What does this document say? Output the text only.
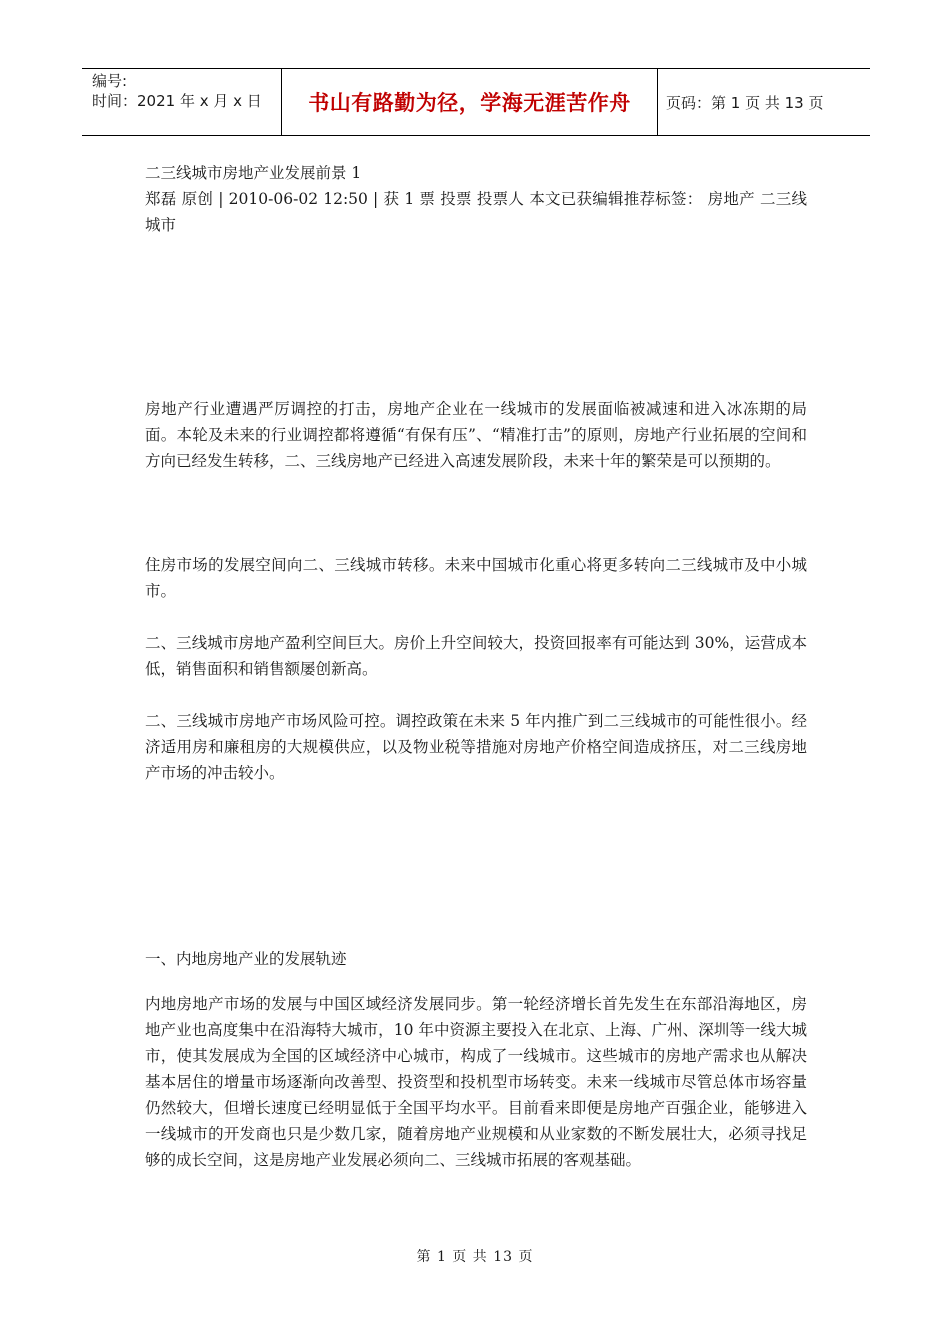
编号:
时间：2021 年 x 月 x 日	书山有路勤为径，学海无涯苦作舟 页码：第 1 页 共 13 页

二三线城市房地产业发展前景 1

郑磊 原创 | 2010-06-02 12:50 | 获 1 票 投票 投票人 本文已获编辑推荐标签： 房地产 二三线城市

房地产行业遭遇严厉调控的打击，房地产企业在一线城市的发展面临被减速和进入冰冻期的局面。本轮及未来的行业调控都将遵循“有保有压”、“精准打击”的原则，房地产行业拓展的空间和方向已经发生转移，二、三线房地产已经进入高速发展阶段，未来十年的繁荣是可以预期的。

住房市场的发展空间向二、三线城市转移。未来中国城市化重心将更多转向二三线城市及中小城市。

二、三线城市房地产盈利空间巨大。房价上升空间较大，投资回报率有可能达到 30%，运营成本低，销售面积和销售额屡创新高。

二、三线城市房地产市场风险可控。调控政策在未来 5 年内推广到二三线城市的可能性很小。经济适用房和廉租房的大规模供应，以及物业税等措施对房地产价格空间造成挤压，对二三线房地产市场的冲击较小。

一、内地房地产业的发展轨迹

内地房地产市场的发展与中国区域经济发展同步。第一轮经济增长首先发生在东部沿海地区，房地产业也高度集中在沿海特大城市，10 年中资源主要投入在北京、上海、广州、深圳等一线大城市，使其发展成为全国的区域经济中心城市，构成了一线城市。这些城市的房地产需求也从解决基本居住的增量市场逐渐向改善型、投资型和投机型市场转变。未来一线城市尽管总体市场容量仍然较大，但增长速度已经明显低于全国平均水平。目前看来即便是房地产百强企业，能够进入一线城市的开发商也只是少数几家，随着房地产业规模和从业家数的不断发展壮大，必须寻找足够的成长空间，这是房地产业发展必须向二、三线城市拓展的客观基础。

第 1 页 共 13 页
